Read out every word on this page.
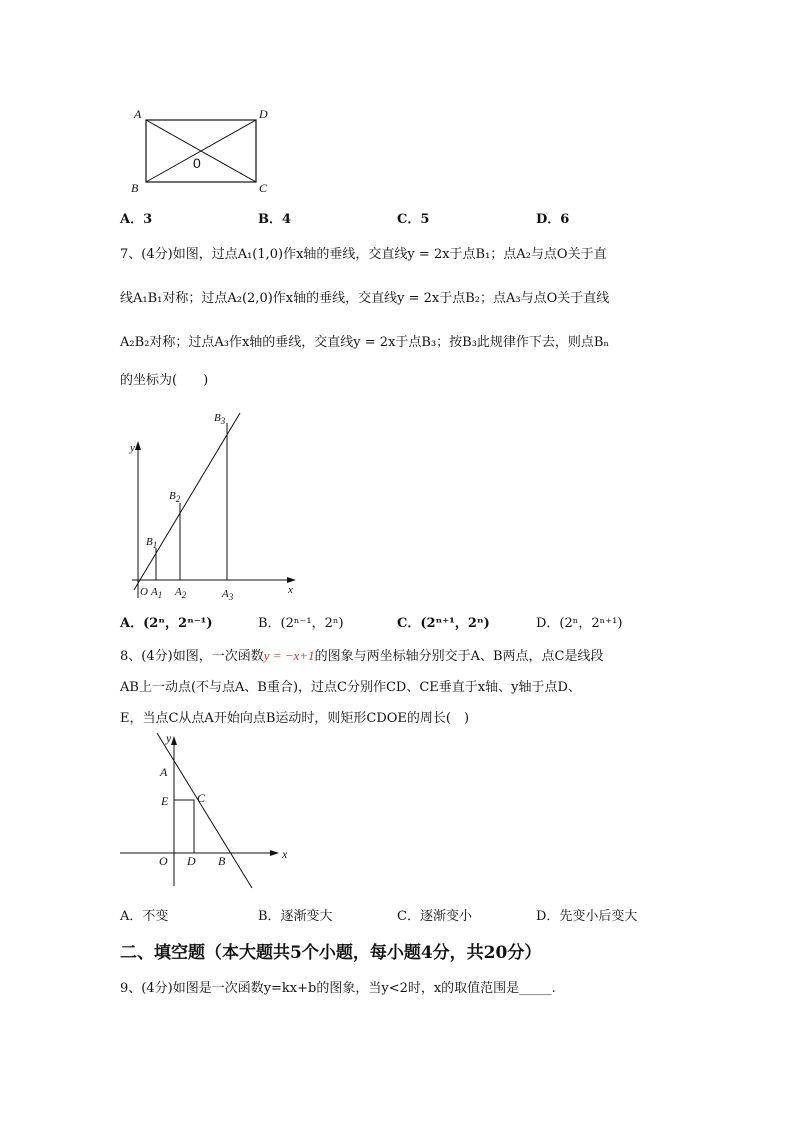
A	D
B	C
0
A．3	B．4	C．5	D．6
7、(4分)如图，过点A₁(1,0)作x轴的垂线，交直线y = 2x于点B₁；点A₂与点O关于直
线A₁B₁对称；过点A₂(2,0)作x轴的垂线，交直线y = 2x于点B₂；点A₃与点O关于直线
A₂B₂对称；过点A₃作x轴的垂线，交直线y = 2x于点B₃；按B₃此规律作下去，则点Bₙ
的坐标为(　　)
y
x
O $A_1$ $A_2$	$A_3$
$B_1$
$B_2$
$B_3$
A．(2ⁿ，2ⁿ⁻¹)	B．(2ⁿ⁻¹，2ⁿ)	C．(2ⁿ⁺¹，2ⁿ)	D．(2ⁿ，2ⁿ⁺¹)
8、(4分)如图，一次函数y = −x+1的图象与两坐标轴分别交于A、B两点，点C是线段
AB上一动点(不与点A、B重合)，过点C分别作CD、CE垂直于x轴、y轴于点D、
E，当点C从点A开始向点B运动时，则矩形CDOE的周长(　)
y
x
A
E C
O D B
A．不变	B．逐渐变大	C．逐渐变小	D．先变小后变大
二、填空题（本大题共5个小题，每小题4分，共20分）
9、(4分)如图是一次函数y=kx+b的图象，当y<2时，x的取值范围是_____.
